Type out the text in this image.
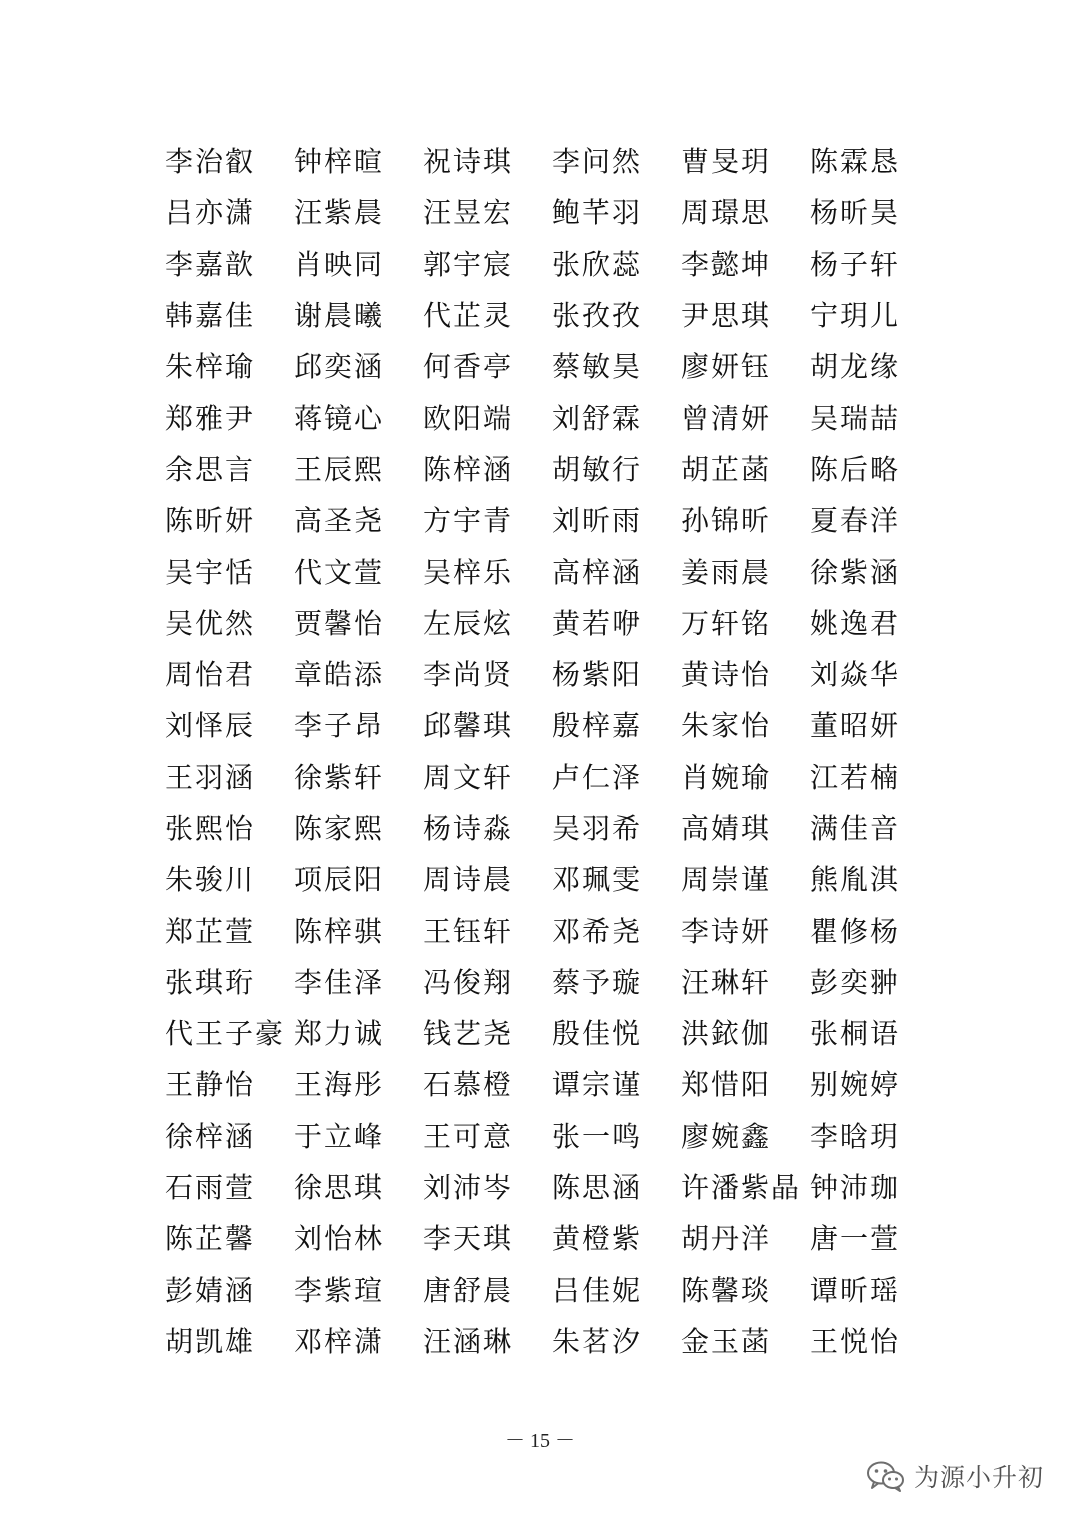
李治叡	钟梓暄	祝诗琪	李问然	曹旻玥	陈霖恳
吕亦潇	汪紫晨	汪昱宏	鲍芊羽	周璟思	杨昕昊
李嘉歆	肖映同	郭宇宸	张欣蕊	李懿坤	杨子轩
韩嘉佳	谢晨曦	代芷灵	张孜孜	尹思琪	宁玥儿
朱梓瑜	邱奕涵	何香亭	蔡敏昊	廖妍钰	胡龙缘
郑雅尹	蒋镜心	欧阳端	刘舒霖	曾清妍	吴瑞喆
余思言	王辰熙	陈梓涵	胡敏行	胡芷菡	陈后略
陈昕妍	高圣尧	方宇青	刘昕雨	孙锦昕	夏春洋
吴宇恬	代文萱	吴梓乐	高梓涵	姜雨晨	徐紫涵
吴优然	贾馨怡	左辰炫	黄若咿	万轩铭	姚逸君
周怡君	章皓添	李尚贤	杨紫阳	黄诗怡	刘焱华
刘怿辰	李子昂	邱馨琪	殷梓嘉	朱家怡	董昭妍
王羽涵	徐紫轩	周文轩	卢仁泽	肖婉瑜	江若楠
张熙怡	陈家熙	杨诗淼	吴羽希	高婧琪	满佳音
朱骏川	项辰阳	周诗晨	邓珮雯	周崇谨	熊胤淇
郑芷萱	陈梓骐	王钰轩	邓希尧	李诗妍	瞿修杨
张琪珩	李佳泽	冯俊翔	蔡予璇	汪琳轩	彭奕翀
代王子豪 郑力诚	钱艺尧	殷佳悦	洪銥伽	张桐语
王静怡	王海彤	石慕橙	谭宗谨	郑惜阳	别婉婷
徐梓涵	于立峰	王可意	张一鸣	廖婉鑫	李晗玥
石雨萱	徐思琪	刘沛岑	陈思涵	许潘紫晶 钟沛珈
陈芷馨	刘怡林	李天琪	黄橙紫	胡丹洋	唐一萱
彭婧涵	李紫瑄	唐舒晨	吕佳妮	陈馨琰	谭昕瑶
胡凯雄	邓梓潇	汪涵琳	朱茗汐	金玉菡	王悦怡
－ 15 －
为源小升初
